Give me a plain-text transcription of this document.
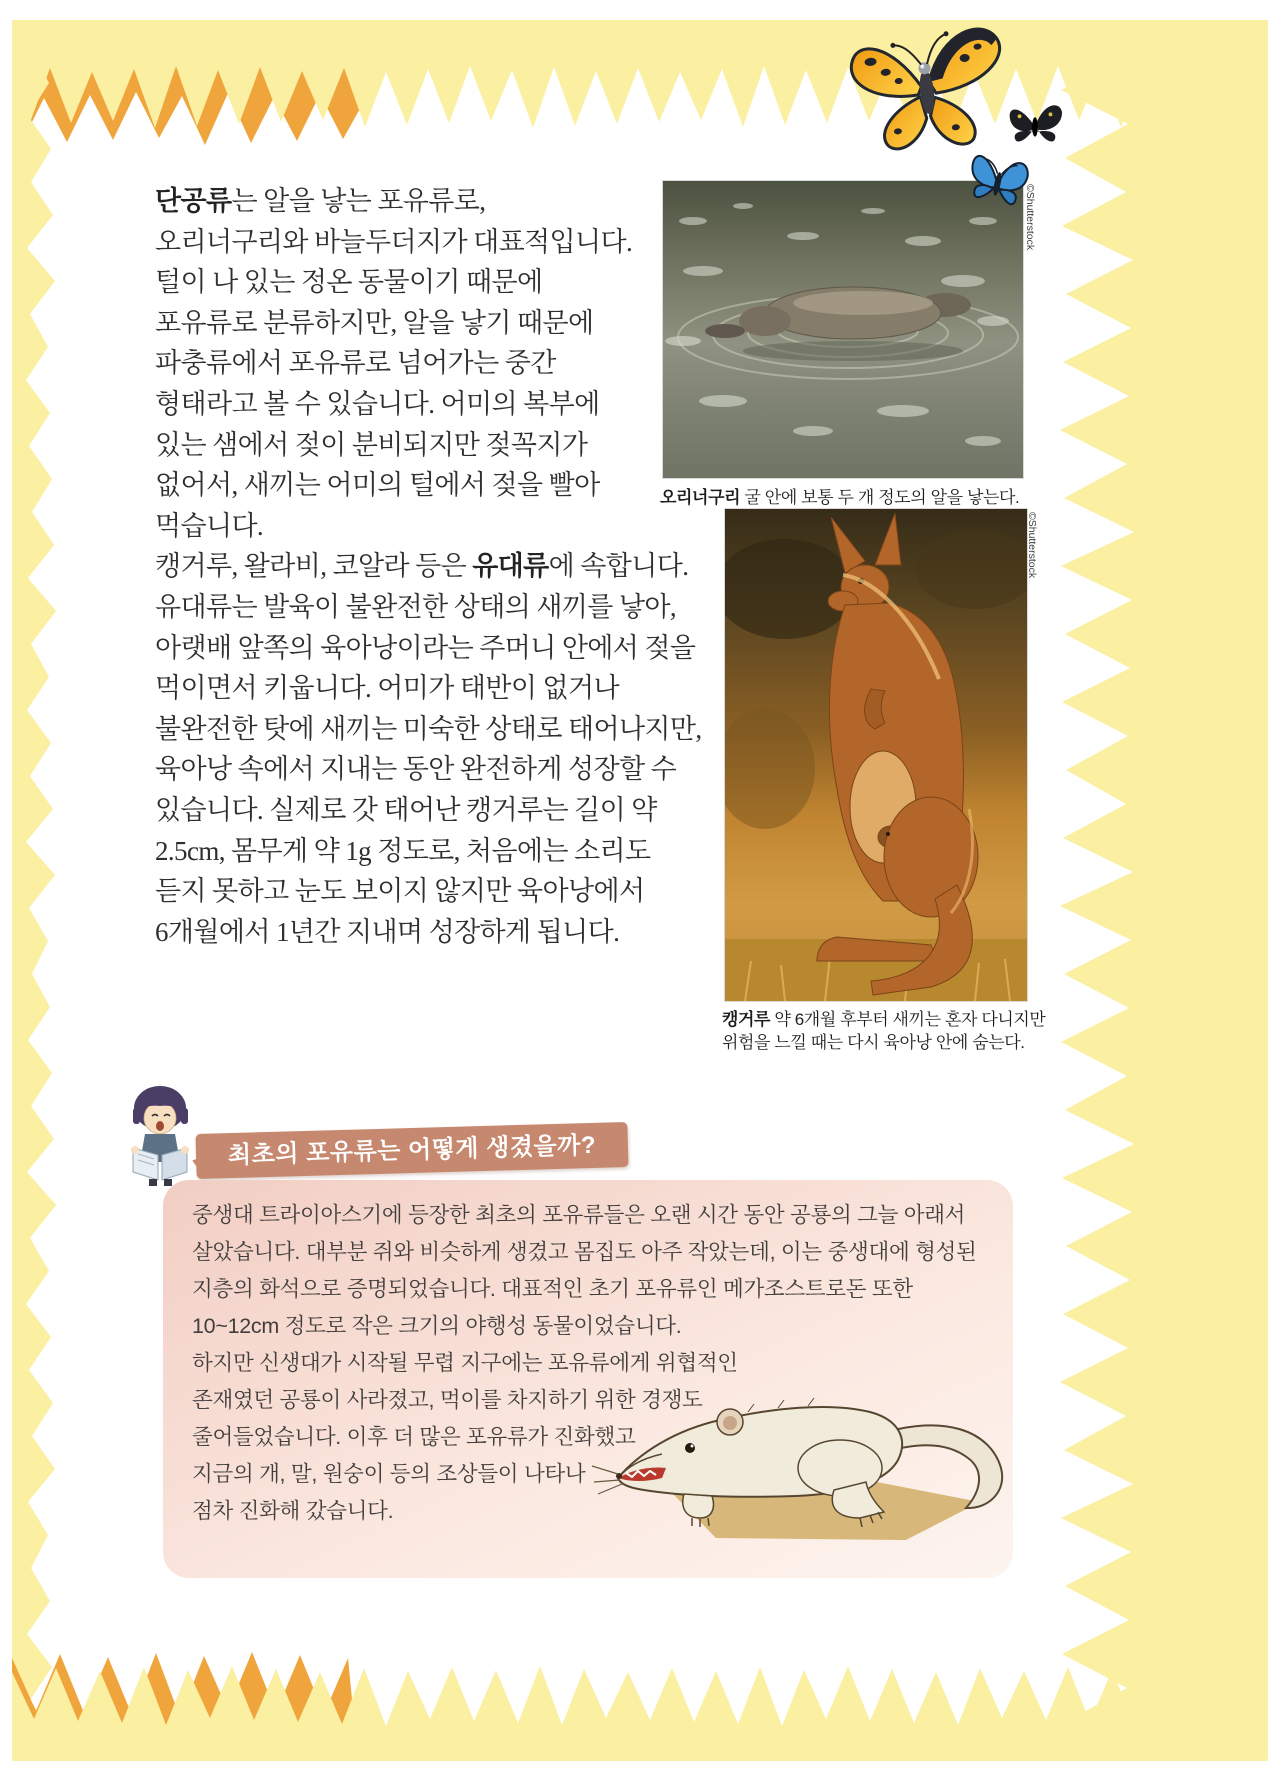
단공류는 알을 낳는 포유류로,
오리너구리와 바늘두더지가 대표적입니다.
털이 나 있는 정온 동물이기 때문에
포유류로 분류하지만, 알을 낳기 때문에
파충류에서 포유류로 넘어가는 중간
형태라고 볼 수 있습니다. 어미의 복부에
있는 샘에서 젖이 분비되지만 젖꼭지가
없어서, 새끼는 어미의 털에서 젖을 빨아
먹습니다.
캥거루, 왈라비, 코알라 등은 유대류에 속합니다.
유대류는 발육이 불완전한 상태의 새끼를 낳아,
아랫배 앞쪽의 육아낭이라는 주머니 안에서 젖을
먹이면서 키웁니다. 어미가 태반이 없거나
불완전한 탓에 새끼는 미숙한 상태로 태어나지만,
육아낭 속에서 지내는 동안 완전하게 성장할 수
있습니다. 실제로 갓 태어난 캥거루는 길이 약
2.5cm, 몸무게 약 1g 정도로, 처음에는 소리도
듣지 못하고 눈도 보이지 않지만 육아낭에서
6개월에서 1년간 지내며 성장하게 됩니다.
©Shutterstock
오리너구리 굴 안에 보통 두 개 정도의 알을 낳는다.
©Shutterstock
캥거루 약 6개월 후부터 새끼는 혼자 다니지만
위험을 느낄 때는 다시 육아낭 안에 숨는다.
최초의 포유류는 어떻게 생겼을까?
중생대 트라이아스기에 등장한 최초의 포유류들은 오랜 시간 동안 공룡의 그늘 아래서
살았습니다. 대부분 쥐와 비슷하게 생겼고 몸집도 아주 작았는데, 이는 중생대에 형성된
지층의 화석으로 증명되었습니다. 대표적인 초기 포유류인 메가조스트로돈 또한
10~12cm 정도로 작은 크기의 야행성 동물이었습니다.
하지만 신생대가 시작될 무렵 지구에는 포유류에게 위협적인
존재였던 공룡이 사라졌고, 먹이를 차지하기 위한 경쟁도
줄어들었습니다. 이후 더 많은 포유류가 진화했고
지금의 개, 말, 원숭이 등의 조상들이 나타나
점차 진화해 갔습니다.
